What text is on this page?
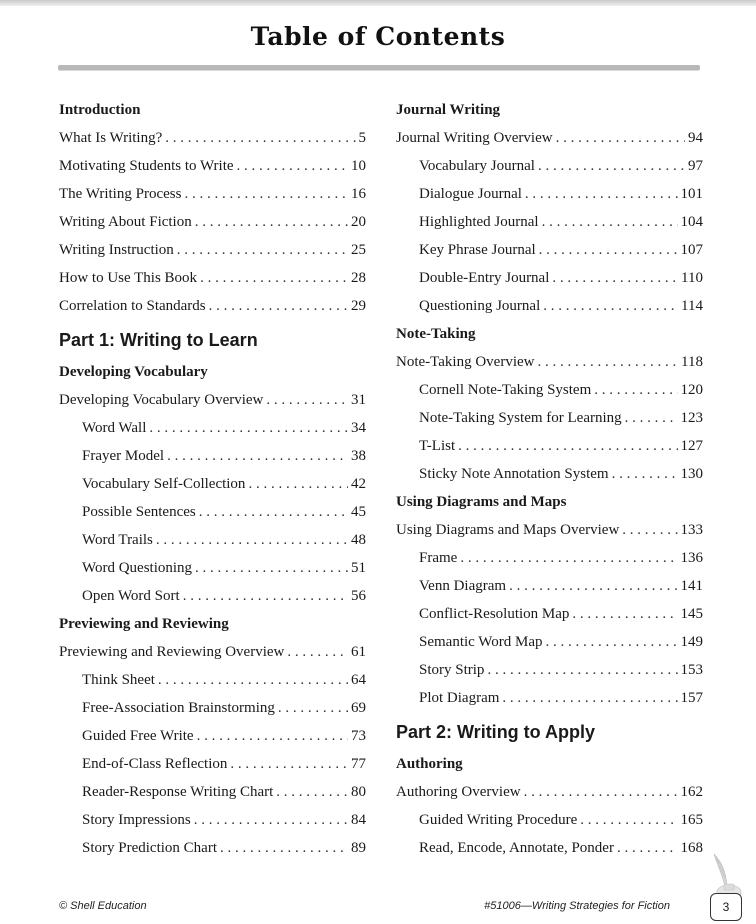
Table of Contents
Introduction
What Is Writing? . . .	5
Motivating Students to Write . . .	10
The Writing Process . . .	16
Writing About Fiction . . .	20
Writing Instruction . . .	25
How to Use This Book . . .	28
Correlation to Standards . . .	29
Part 1: Writing to Learn
Developing Vocabulary
Developing Vocabulary Overview . . .	31
Word Wall . . .	34
Frayer Model . . .	38
Vocabulary Self-Collection . . .	42
Possible Sentences . . .	45
Word Trails . . .	48
Word Questioning . . .	51
Open Word Sort . . .	56
Previewing and Reviewing
Previewing and Reviewing Overview . . .	61
Think Sheet . . .	64
Free-Association Brainstorming . . .	69
Guided Free Write . . .	73
End-of-Class Reflection . . .	77
Reader-Response Writing Chart . . .	80
Story Impressions . . .	84
Story Prediction Chart . . .	89
Journal Writing
Journal Writing Overview . . .	94
Vocabulary Journal . . .	97
Dialogue Journal . . .	101
Highlighted Journal . . .	104
Key Phrase Journal . . .	107
Double-Entry Journal . . .	110
Questioning Journal . . .	114
Note-Taking
Note-Taking Overview . . .	118
Cornell Note-Taking System . . .	120
Note-Taking System for Learning . . .	123
T-List . . .	127
Sticky Note Annotation System . . .	130
Using Diagrams and Maps
Using Diagrams and Maps Overview . . .	133
Frame . . .	136
Venn Diagram . . .	141
Conflict-Resolution Map . . .	145
Semantic Word Map . . .	149
Story Strip . . .	153
Plot Diagram . . .	157
Part 2: Writing to Apply
Authoring
Authoring Overview . . .	162
Guided Writing Procedure . . .	165
Read, Encode, Annotate, Ponder . . .	168
© Shell Education	#51006—Writing Strategies for Fiction	3
